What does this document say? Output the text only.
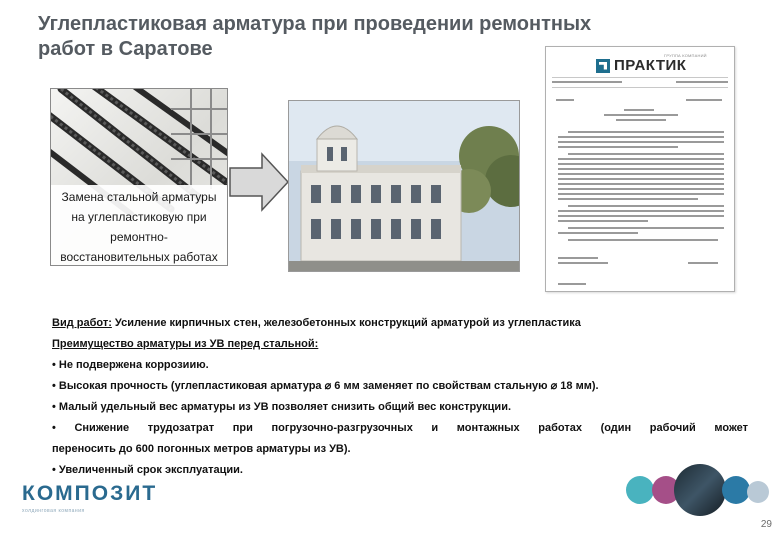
Углепластиковая арматура при проведении ремонтных
работ в Саратове
Замена стальной арматуры
на углепластиковую при
ремонтно-
восстановительных работах
ГРУППА КОМПАНИЙ
ПРАКТИК
Вид работ: Усиление кирпичных стен, железобетонных конструкций арматурой из углепластика
Преимущество арматуры из УВ перед стальной:
• Не подвержена коррозиию.
• Высокая прочность (углепластиковая арматура ⌀ 6 мм заменяет по свойствам стальную ⌀ 18 мм).
• Малый удельный вес арматуры из УВ позволяет снизить общий вес конструкции.
• Снижение трудозатрат при погрузочно-разгрузочных и монтажных работах (один рабочий может
переносить до 600 погонных метров арматуры из УВ).
• Увеличенный срок эксплуатации.
КОМПОЗИТ
холдинговая компания
29
